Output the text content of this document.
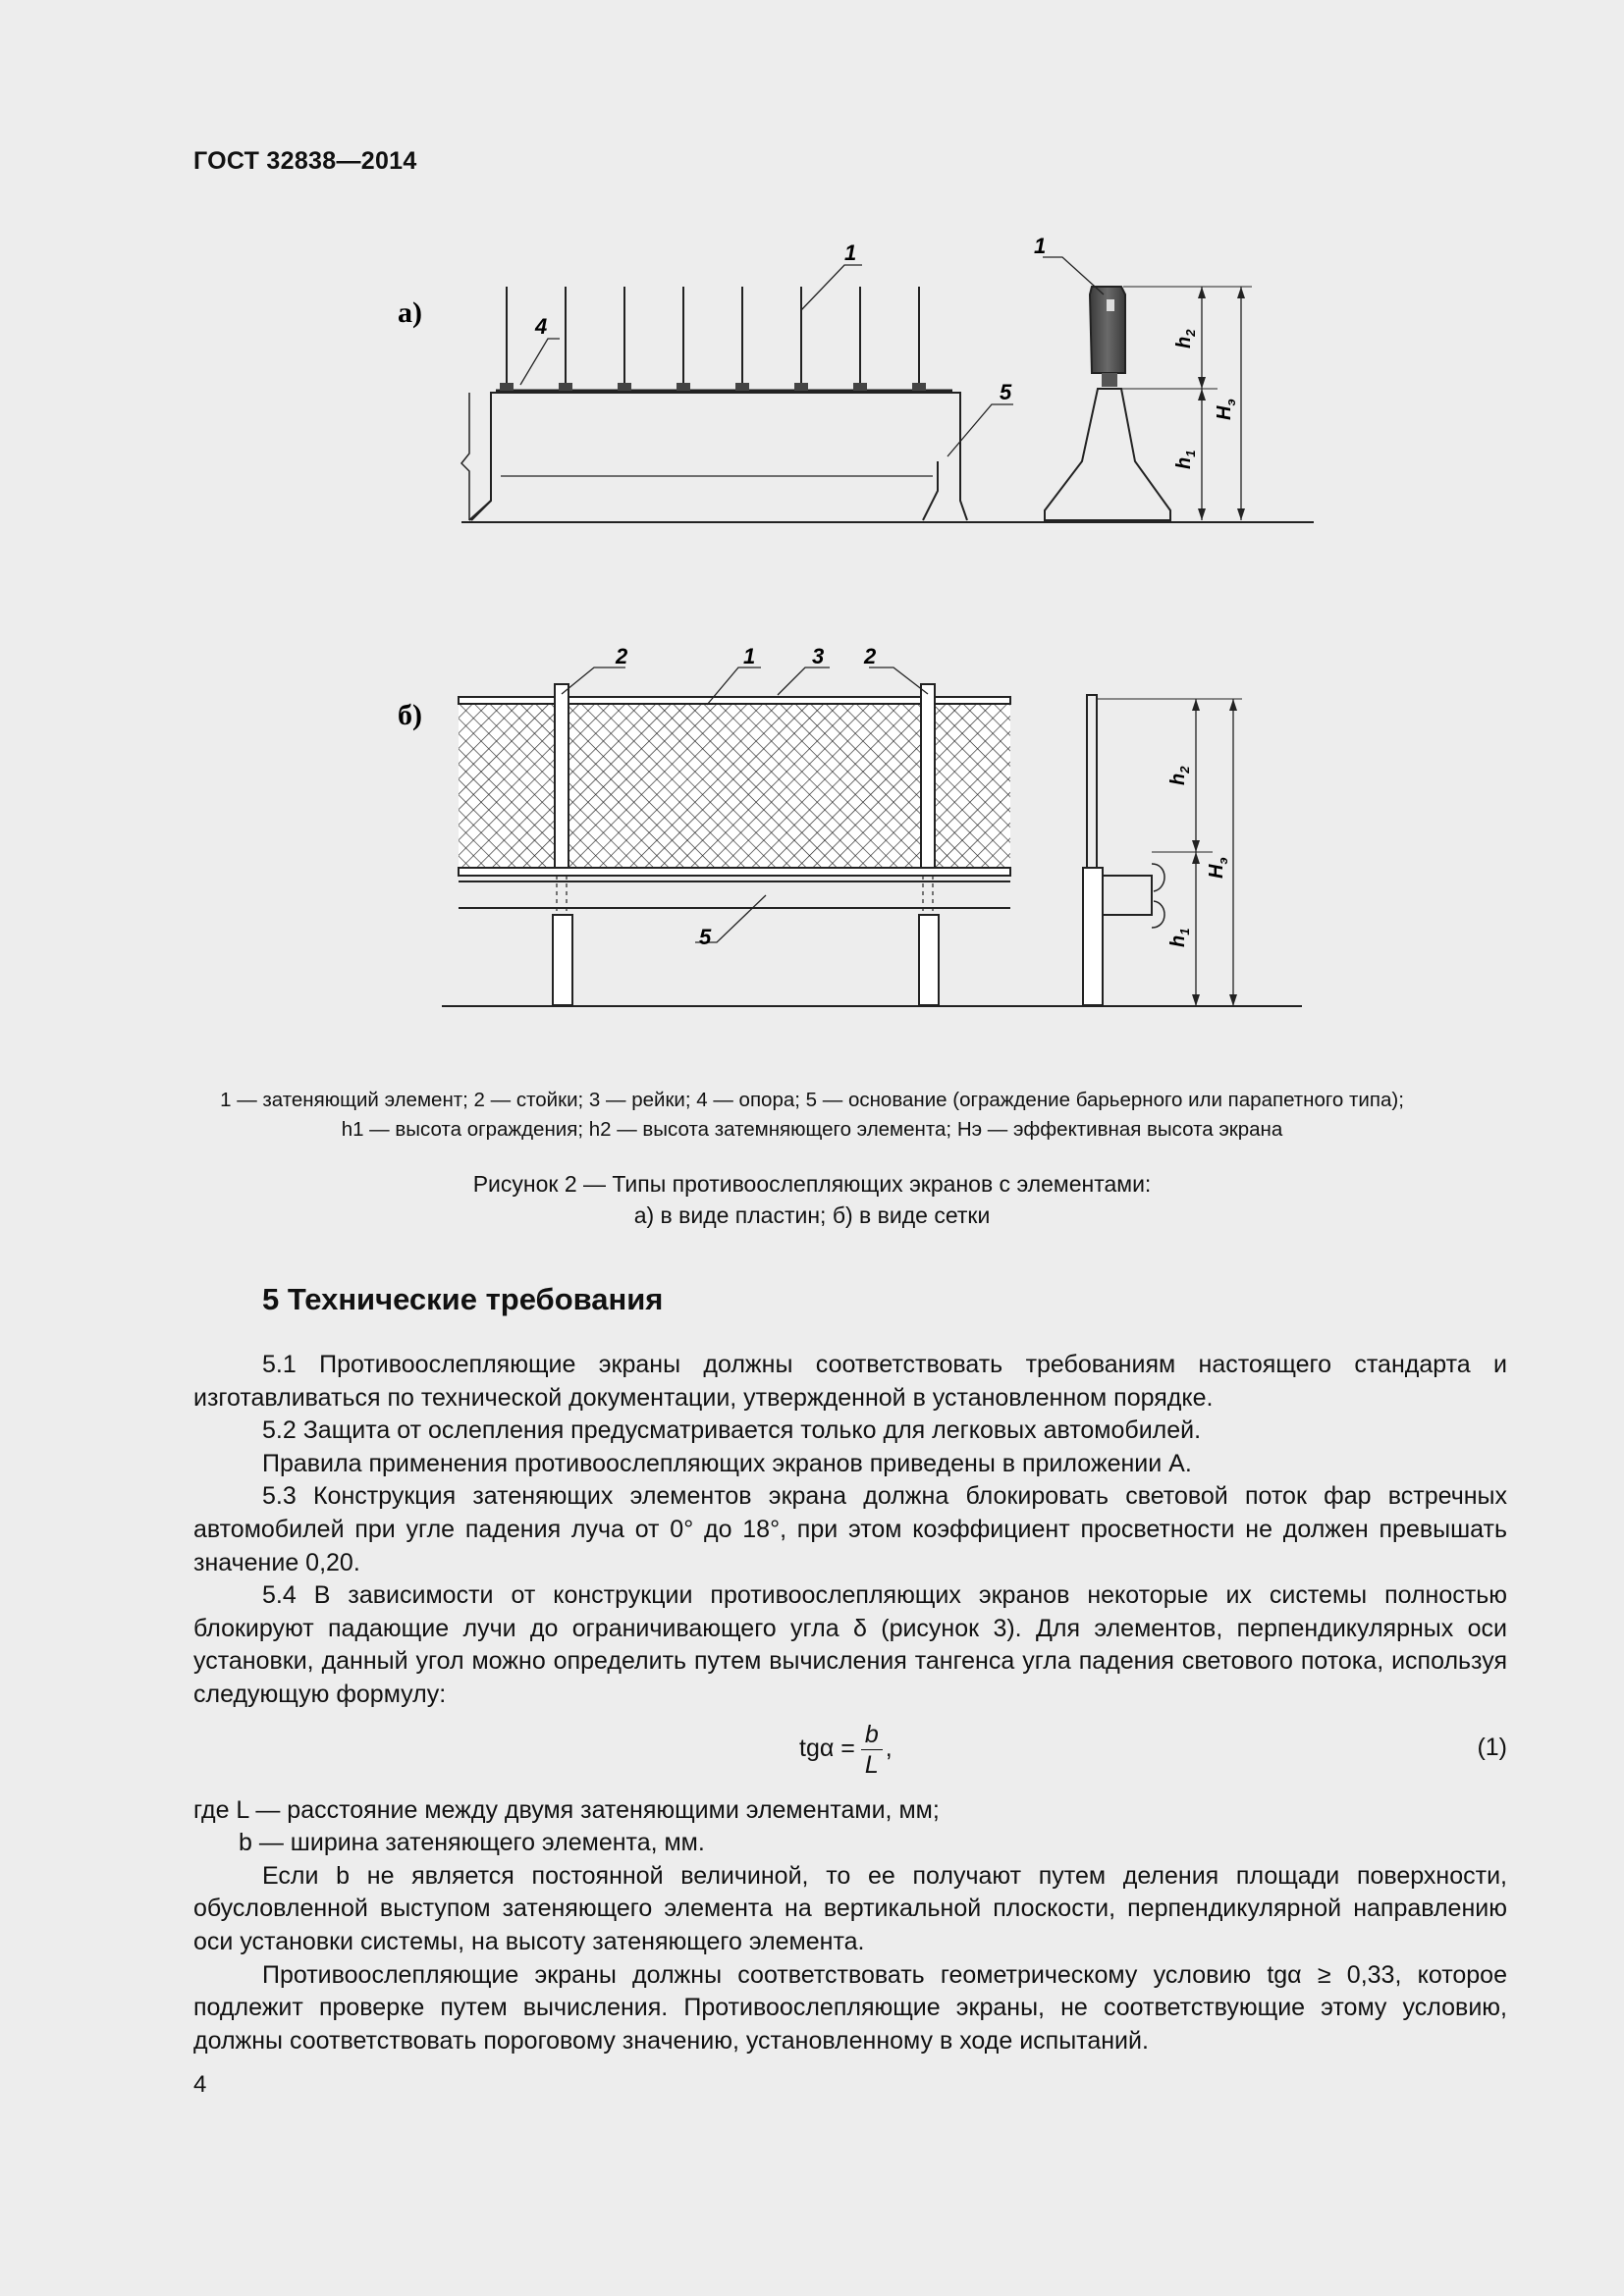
ГОСТ 32838—2014
а)
1
4
5
1
$h_2$
$h_1$
$H_э$
б)
2	1	3 2
5
$h_2$
$h_1$
$H_э$
1 — затеняющий элемент; 2 — стойки; 3 — рейки; 4 — опора; 5 — основание (ограждение барьерного или парапетного типа);
h1 — высота ограждения; h2 — высота затемняющего элемента; Hэ — эффективная высота экрана
Рисунок 2 — Типы противоослепляющих экранов с элементами:
а) в виде пластин; б) в виде сетки
5 Технические требования

5.1 Противоослепляющие экраны должны соответствовать требованиям настоящего стандарта и изготавливаться по технической документации, утвержденной в установленном порядке.

5.2 Защита от ослепления предусматривается только для легковых автомобилей.

Правила применения противоослепляющих экранов приведены в приложении А.

5.3 Конструкция затеняющих элементов экрана должна блокировать световой поток фар встречных автомобилей при угле падения луча от 0° до 18°, при этом коэффициент просветности не должен превышать значение 0,20.

5.4 В зависимости от конструкции противоослепляющих экранов некоторые их системы полностью блокируют падающие лучи до ограничивающего угла δ (рисунок 3). Для элементов, перпендикулярных оси установки, данный угол можно определить путем вычисления тангенса угла падения светового потока, используя следующую формулу:

$tg\alpha = \frac{b}{L}$ ,	(1)

где L — расстояние между двумя затеняющими элементами, мм;

b — ширина затеняющего элемента, мм.

Если b не является постоянной величиной, то ее получают путем деления площади поверхности, обусловленной выступом затеняющего элемента на вертикальной плоскости, перпендикулярной направлению оси установки системы, на высоту затеняющего элемента.

Противоослепляющие экраны должны соответствовать геометрическому условию tgα ≥ 0,33, которое подлежит проверке путем вычисления. Противоослепляющие экраны, не соответствующие этому условию, должны соответствовать пороговому значению, установленному в ходе испытаний.

4
